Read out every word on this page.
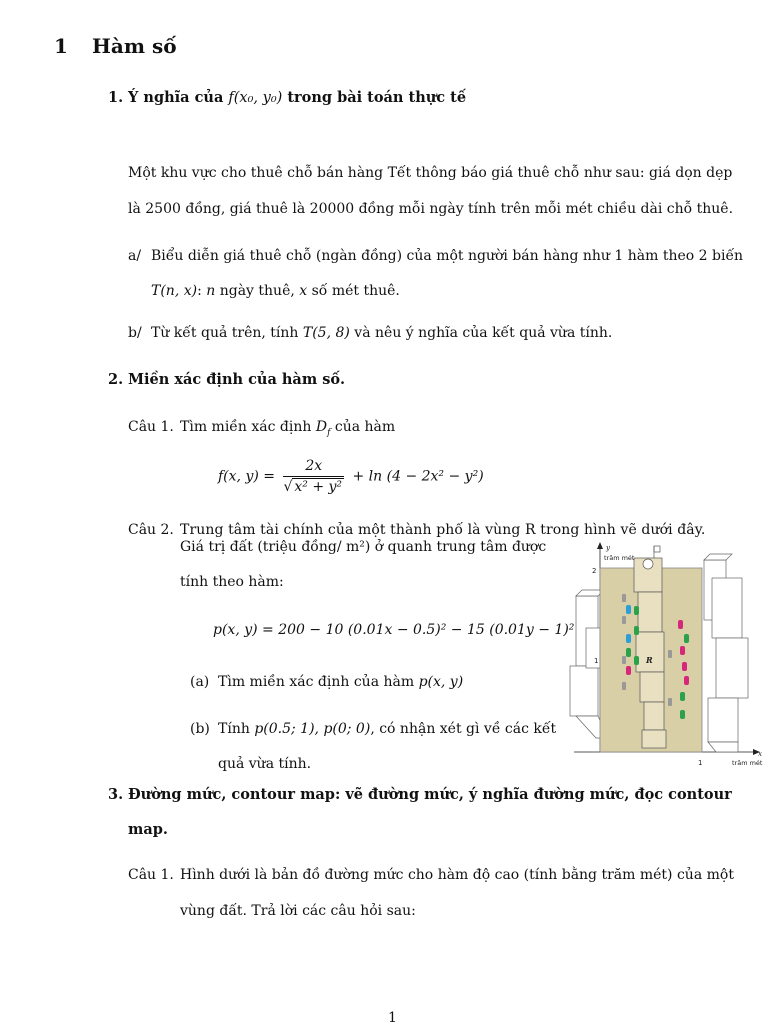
1 Hàm số
1. Ý nghĩa của f(x₀, y₀) trong bài toán thực tế
Một khu vực cho thuê chỗ bán hàng Tết thông báo giá thuê chỗ như sau: giá dọn dẹp
là 2500 đồng, giá thuê là 20000 đồng mỗi ngày tính trên mỗi mét chiều dài chỗ thuê.
a/ Biểu diễn giá thuê chỗ (ngàn đồng) của một người bán hàng như 1 hàm theo 2 biến
T(n, x): n ngày thuê, x số mét thuê.
b/ Từ kết quả trên, tính T(5, 8) và nêu ý nghĩa của kết quả vừa tính.
2. Miền xác định của hàm số.
Câu 1. Tìm miền xác định $D_f$ của hàm
f(x, $y) = \frac{2x}{\text{√ x² + y²}} + \ln (4 - 2x^2 - y^2)$
Câu 2. Trung tâm tài chính của một thành phố là vùng R trong hình vẽ dưới đây.
Giá trị đất (triệu đồng/ m²) ở quanh trung tâm được
tính theo hàm:
p(x, y) = 200 − 10 (0.01x − 0.5)² − 15 (0.01y − 1)²
(a) Tìm miền xác định của hàm p(x, y)
(b) Tính p(0.5; 1), p(0; 0), có nhận xét gì về các kết
quả vừa tính.
y
trăm mét
2
1
1
x
trăm mét
R
3. Đường mức, contour map: vẽ đường mức, ý nghĩa đường mức, đọc contour
map.
Câu 1. Hình dưới là bản đồ đường mức cho hàm độ cao (tính bằng trăm mét) của một
vùng đất. Trả lời các câu hỏi sau:
1
